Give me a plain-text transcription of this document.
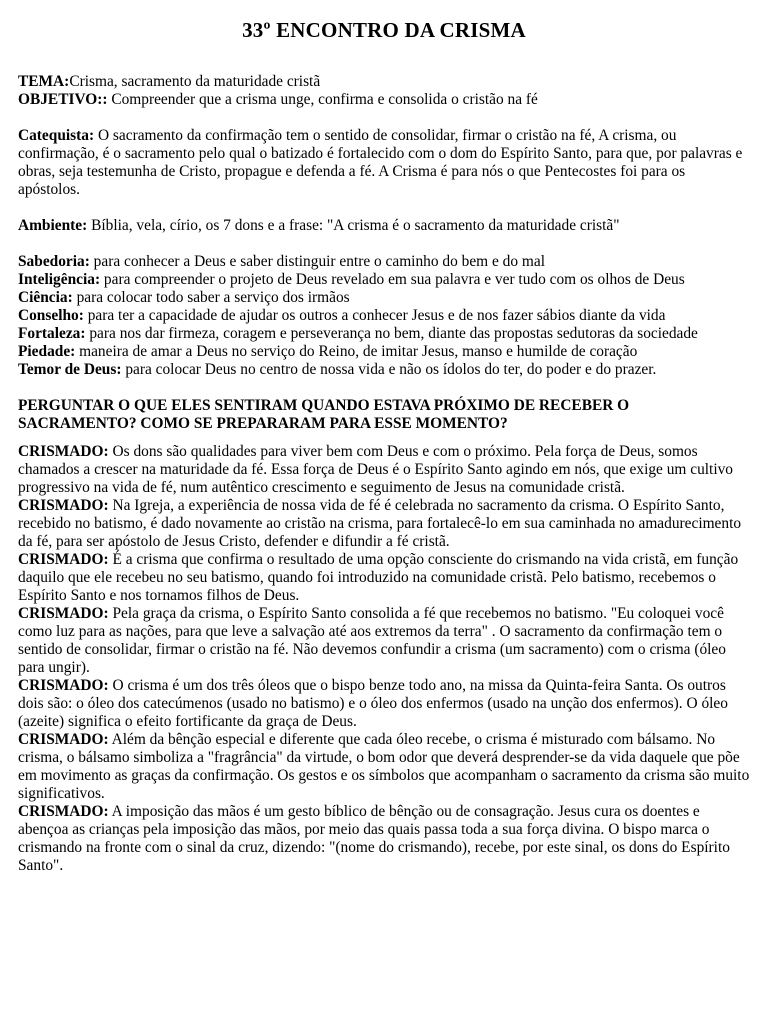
33º ENCONTRO DA CRISMA

TEMA:Crisma, sacramento da maturidade cristã

OBJETIVO:: Compreender que a crisma unge, confirma e consolida o cristão na fé

Catequista: O sacramento da confirmação tem o sentido de consolidar, firmar o cristão na fé, A crisma, ou confirmação, é o sacramento pelo qual o batizado é fortalecido com o dom do Espírito Santo, para que, por palavras e obras, seja testemunha de Cristo, propague e defenda a fé. A Crisma é para nós o que Pentecostes foi para os apóstolos.

Ambiente: Bíblia, vela, círio, os 7 dons e a frase: "A crisma é o sacramento da maturidade cristã"

Sabedoria: para conhecer a Deus e saber distinguir entre o caminho do bem e do mal

Inteligência: para compreender o projeto de Deus revelado em sua palavra e ver tudo com os olhos de Deus

Ciência: para colocar todo saber a serviço dos irmãos

Conselho: para ter a capacidade de ajudar os outros a conhecer Jesus e de nos fazer sábios diante da vida

Fortaleza: para nos dar firmeza, coragem e perseverança no bem, diante das propostas sedutoras da sociedade

Piedade: maneira de amar a Deus no serviço do Reino, de imitar Jesus, manso e humilde de coração

Temor de Deus: para colocar Deus no centro de nossa vida e não os ídolos do ter, do poder e do prazer.

PERGUNTAR O QUE ELES SENTIRAM QUANDO ESTAVA PRÓXIMO DE RECEBER O SACRAMENTO? COMO SE PREPARARAM PARA ESSE MOMENTO?

CRISMADO: Os dons são qualidades para viver bem com Deus e com o próximo. Pela força de Deus, somos chamados a crescer na maturidade da fé. Essa força de Deus é o Espírito Santo agindo em nós, que exige um cultivo progressivo na vida de fé, num autêntico crescimento e seguimento de Jesus na comunidade cristã.

CRISMADO: Na Igreja, a experiência de nossa vida de fé é celebrada no sacramento da crisma. O Espírito Santo, recebido no batismo, é dado novamente ao cristão na crisma, para fortalecê-lo em sua caminhada no amadurecimento da fé, para ser apóstolo de Jesus Cristo, defender e difundir a fé cristã.

CRISMADO: É a crisma que confirma o resultado de uma opção consciente do crismando na vida cristã, em função daquilo que ele recebeu no seu batismo, quando foi introduzido na comunidade cristã. Pelo batismo, recebemos o Espírito Santo e nos tornamos filhos de Deus.

CRISMADO: Pela graça da crisma, o Espírito Santo consolida a fé que recebemos no batismo. "Eu coloquei você como luz para as nações, para que leve a salvação até aos extremos da terra" . O sacramento da confirmação tem o sentido de consolidar, firmar o cristão na fé. Não devemos confundir a crisma (um sacramento) com o crisma (óleo para ungir).

CRISMADO: O crisma é um dos três óleos que o bispo benze todo ano, na missa da Quinta-feira Santa. Os outros dois são: o óleo dos catecúmenos (usado no batismo) e o óleo dos enfermos (usado na unção dos enfermos). O óleo (azeite) significa o efeito fortificante da graça de Deus.

CRISMADO: Além da bênção especial e diferente que cada óleo recebe, o crisma é misturado com bálsamo. No crisma, o bálsamo simboliza a "fragrância" da virtude, o bom odor que deverá desprender-se da vida daquele que põe em movimento as graças da confirmação. Os gestos e os símbolos que acompanham o sacramento da crisma são muito significativos.

CRISMADO: A imposição das mãos é um gesto bíblico de bênção ou de consagração. Jesus cura os doentes e abençoa as crianças pela imposição das mãos, por meio das quais passa toda a sua força divina. O bispo marca o crismando na fronte com o sinal da cruz, dizendo: "(nome do crismando), recebe, por este sinal, os dons do Espírito Santo".
